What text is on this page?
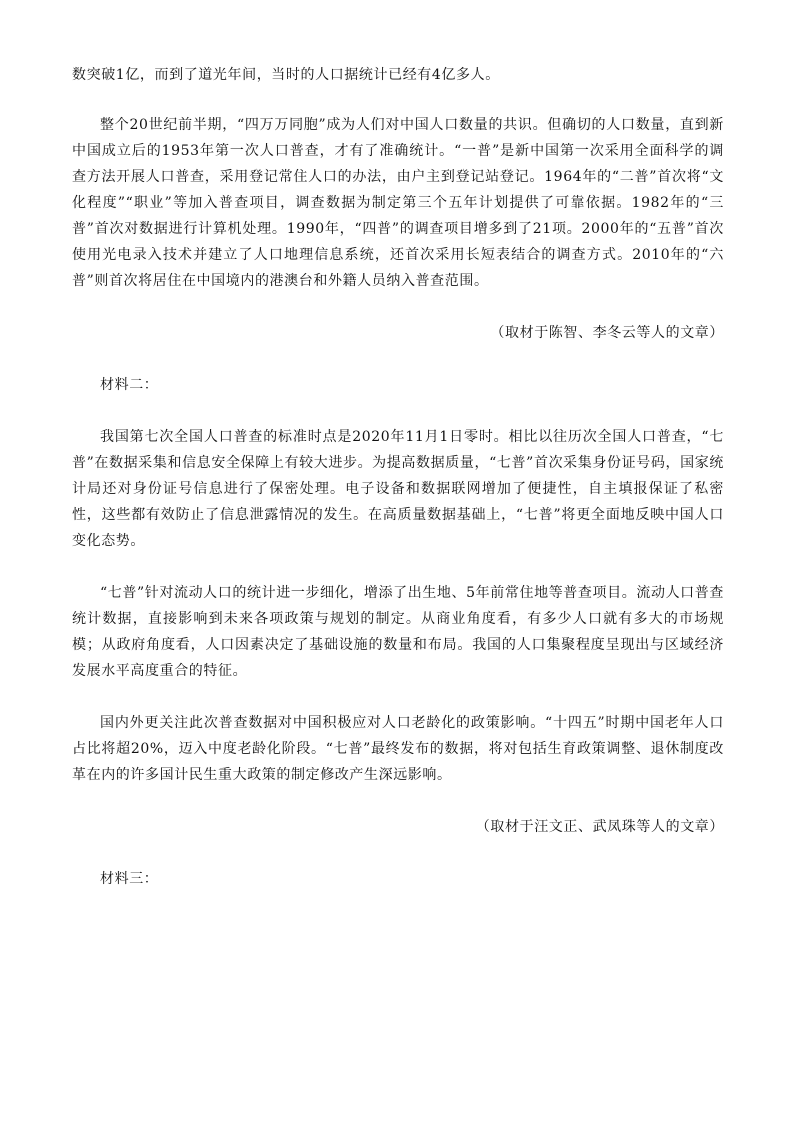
数突破1亿，而到了道光年间，当时的人口据统计已经有4亿多人。

整个20世纪前半期，“四万万同胞”成为人们对中国人口数量的共识。但确切的人口数量，直到新中国成立后的1953年第一次人口普查，才有了准确统计。“一普”是新中国第一次采用全面科学的调查方法开展人口普查，采用登记常住人口的办法，由户主到登记站登记。1964年的“二普”首次将“文化程度”“职业”等加入普查项目，调查数据为制定第三个五年计划提供了可靠依据。1982年的“三普”首次对数据进行计算机处理。1990年，“四普”的调查项目增多到了21项。2000年的“五普”首次使用光电录入技术并建立了人口地理信息系统，还首次采用长短表结合的调查方式。2010年的“六普”则首次将居住在中国境内的港澳台和外籍人员纳入普查范围。

（取材于陈智、李冬云等人的文章）

材料二：

我国第七次全国人口普查的标准时点是2020年11月1日零时。相比以往历次全国人口普查，“七普”在数据采集和信息安全保障上有较大进步。为提高数据质量，“七普”首次采集身份证号码，国家统计局还对身份证号信息进行了保密处理。电子设备和数据联网增加了便捷性，自主填报保证了私密性，这些都有效防止了信息泄露情况的发生。在高质量数据基础上，“七普”将更全面地反映中国人口变化态势。

“七普”针对流动人口的统计进一步细化，增添了出生地、5年前常住地等普查项目。流动人口普查统计数据，直接影响到未来各项政策与规划的制定。从商业角度看，有多少人口就有多大的市场规模；从政府角度看，人口因素决定了基础设施的数量和布局。我国的人口集聚程度呈现出与区域经济发展水平高度重合的特征。

国内外更关注此次普查数据对中国积极应对人口老龄化的政策影响。“十四五”时期中国老年人口占比将超20%，迈入中度老龄化阶段。“七普”最终发布的数据，将对包括生育政策调整、退休制度改革在内的许多国计民生重大政策的制定修改产生深远影响。

（取材于汪文正、武凤珠等人的文章）

材料三：
